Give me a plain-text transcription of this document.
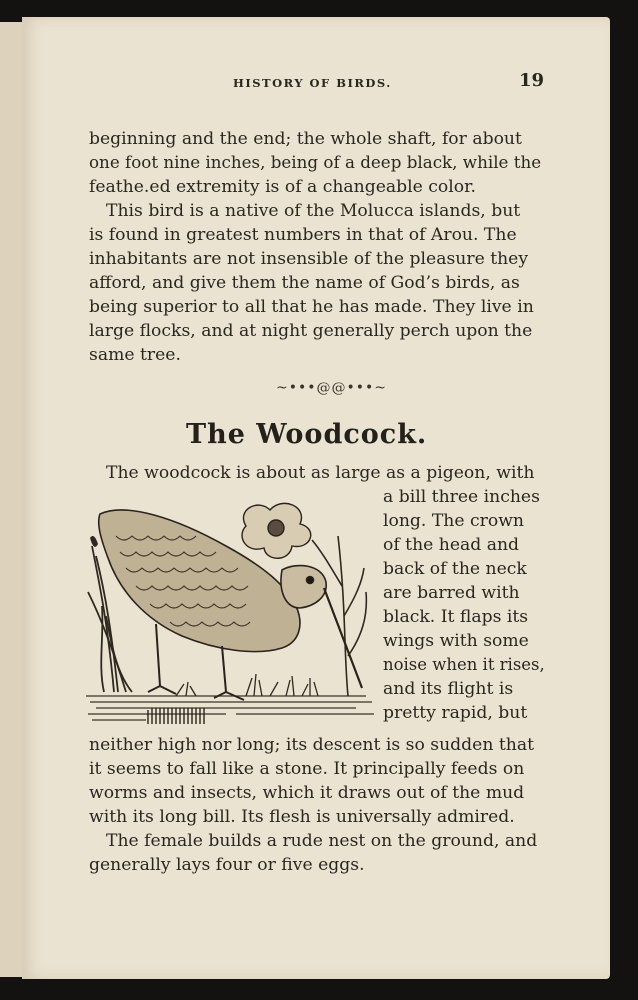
HISTORY OF BIRDS.	19
beginning and the end; the whole shaft, for about
one foot nine inches, being of a deep black, while the
feathe.ed extremity is of a changeable color.
This bird is a native of the Molucca islands, but
is found in greatest numbers in that of Arou. The
inhabitants are not insensible of the pleasure they
afford, and give them the name of God’s birds, as
being superior to all that he has made. They live in
large flocks, and at night generally perch upon the
same tree.
~•••@@•••~
The Woodcock.
The woodcock is about as large as a pigeon, with
a bill three inches
long. The crown
of the head and
back of the neck
are barred with
black. It flaps its
wings with some
noise when it rises,
and its flight is
pretty rapid, but
neither high nor long; its descent is so sudden that
it seems to fall like a stone. It principally feeds on
worms and insects, which it draws out of the mud
with its long bill. Its flesh is universally admired.
The female builds a rude nest on the ground, and
generally lays four or five eggs.
